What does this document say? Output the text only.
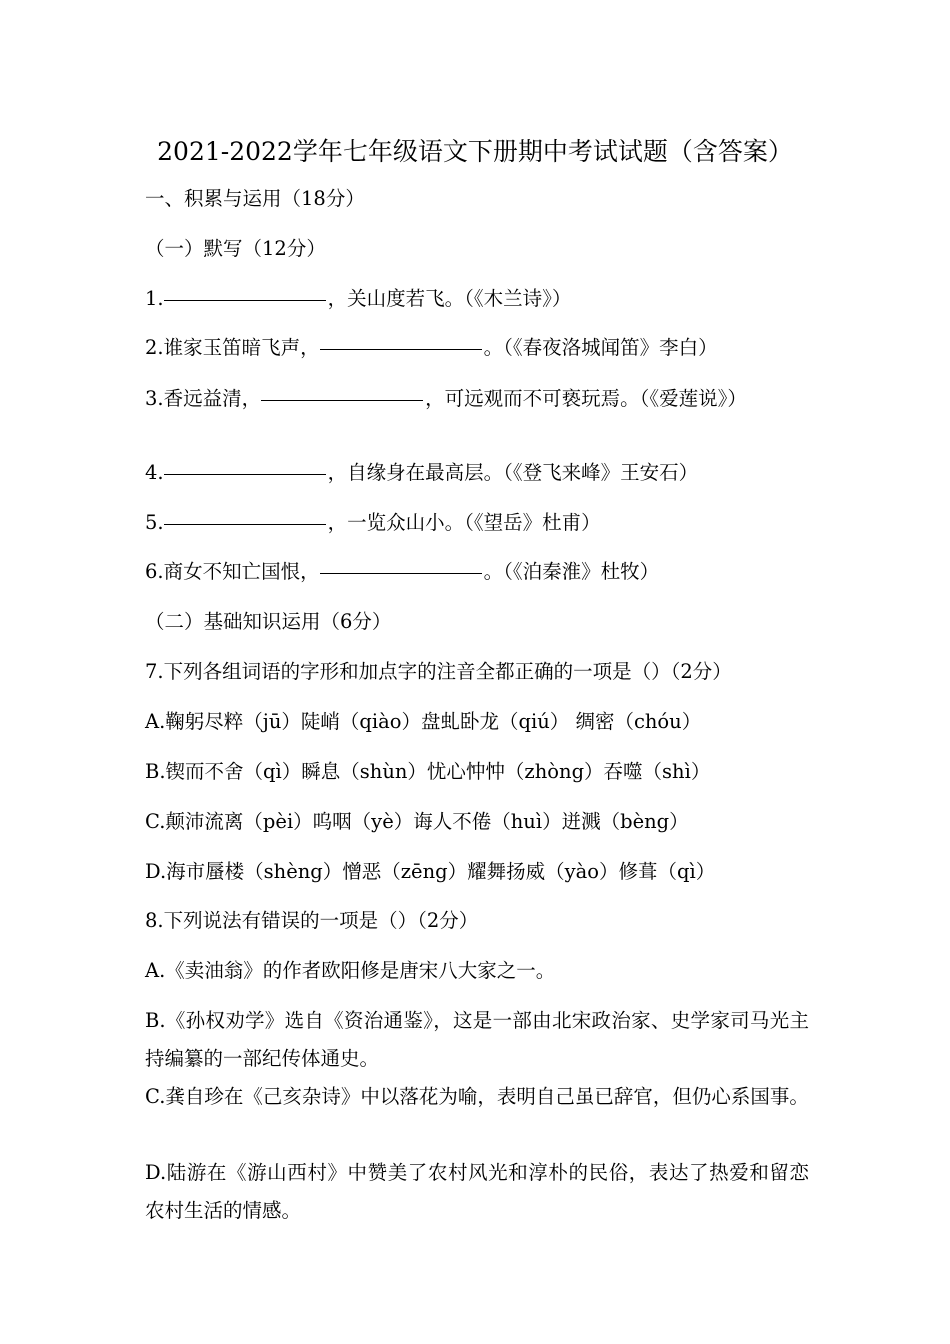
2021-2022学年七年级语文下册期中考试试题（含答案）
一、积累与运用（18分）
（一）默写（12分）
1.	，关山度若飞。（《木兰诗》）
2.谁家玉笛暗飞声，	。（《春夜洛城闻笛》李白）
3.香远益清，	，可远观而不可亵玩焉。（《爱莲说》）
4.	，自缘身在最高层。（《登飞来峰》王安石）
5.	，一览众山小。（《望岳》杜甫）
6.商女不知亡国恨，	。（《泊秦淮》杜牧）
（二）基础知识运用（6分）
7.下列各组词语的字形和加点字的注音全都正确的一项是（）（2分）
A.鞠躬尽粹（jū）陡峭（qiào）盘虬卧龙（qiú） 绸密（chóu）
B.锲而不舍（qì）瞬息（shùn）忧心忡忡（zhòng）吞噬（shì）
C.颠沛流离（pèi）呜咽（yè）诲人不倦（huì）迸溅（bèng）
D.海市蜃楼（shèng）憎恶（zēng）耀舞扬威（yào）修葺（qì）
8.下列说法有错误的一项是（）（2分）
A.《卖油翁》的作者欧阳修是唐宋八大家之一。
B.《孙权劝学》选自《资治通鉴》，这是一部由北宋政治家、史学家司马光主持编纂的一部纪传体通史。
C.龚自珍在《己亥杂诗》中以落花为喻，表明自己虽已辞官，但仍心系国事。
D.陆游在《游山西村》中赞美了农村风光和淳朴的民俗，表达了热爱和留恋农村生活的情感。
